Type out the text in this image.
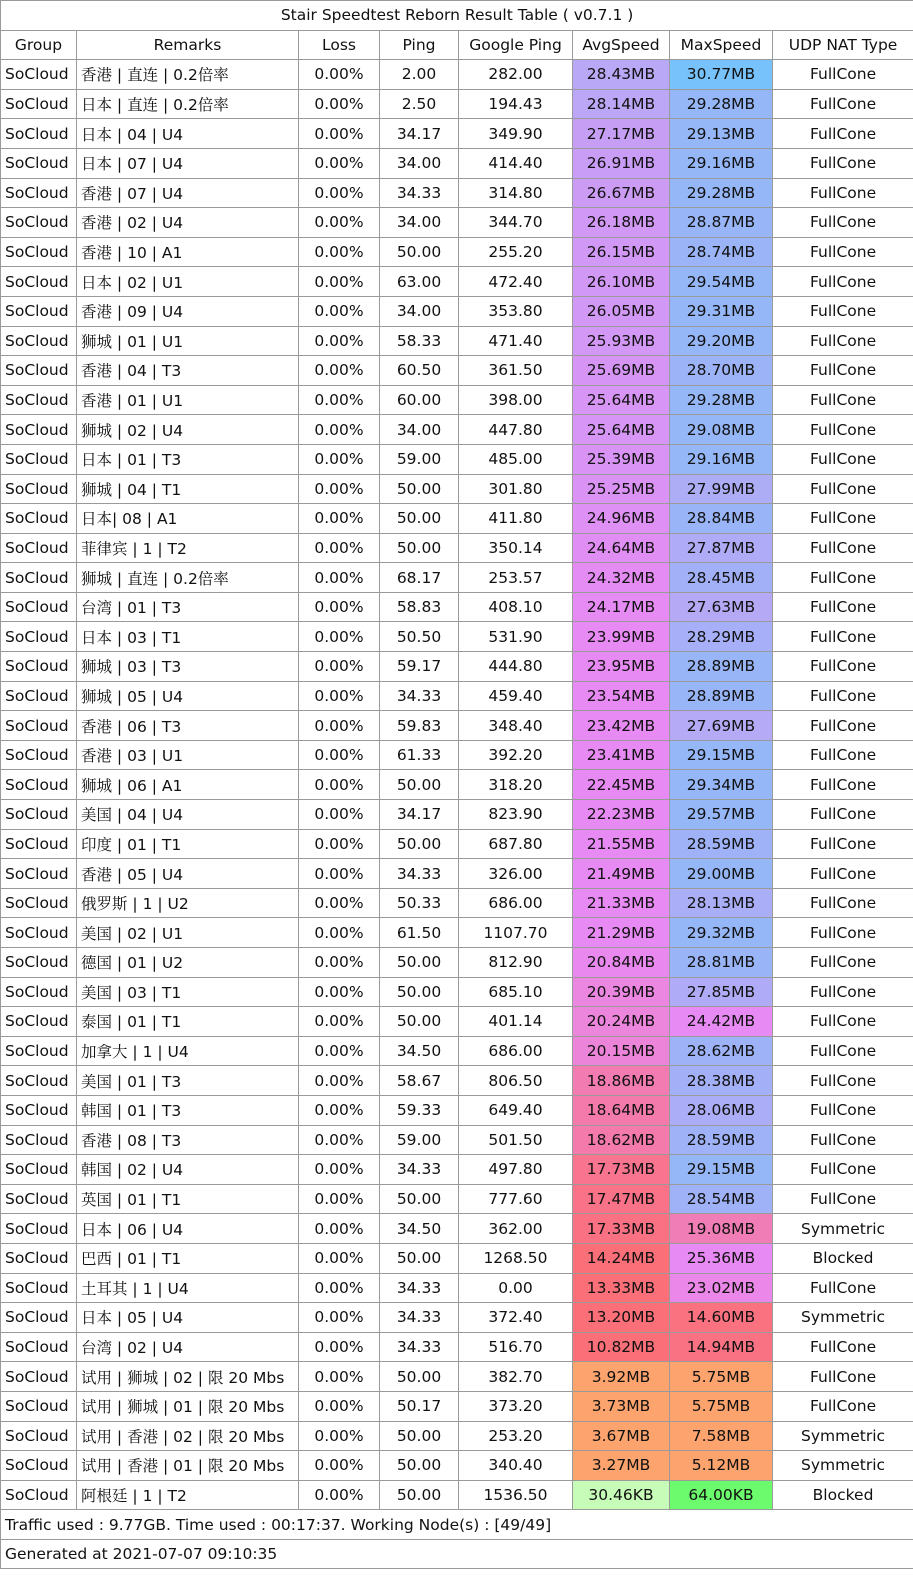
Stair Speedtest Reborn Result Table ( v0.7.1 )							
Group	Remarks	Loss	Ping	Google Ping	AvgSpeed	MaxSpeed	UDP NAT Type
SoCloud	香港 | 直连 | 0.2倍率	0.00%	2.00	282.00	28.43MB	30.77MB	FullCone
SoCloud	日本 | 直连 | 0.2倍率	0.00%	2.50	194.43	28.14MB	29.28MB	FullCone
SoCloud	日本 | 04 | U4	0.00%	34.17	349.90	27.17MB	29.13MB	FullCone
SoCloud	日本 | 07 | U4	0.00%	34.00	414.40	26.91MB	29.16MB	FullCone
SoCloud	香港 | 07 | U4	0.00%	34.33	314.80	26.67MB	29.28MB	FullCone
SoCloud	香港 | 02 | U4	0.00%	34.00	344.70	26.18MB	28.87MB	FullCone
SoCloud	香港 | 10 | A1	0.00%	50.00	255.20	26.15MB	28.74MB	FullCone
SoCloud	日本 | 02 | U1	0.00%	63.00	472.40	26.10MB	29.54MB	FullCone
SoCloud	香港 | 09 | U4	0.00%	34.00	353.80	26.05MB	29.31MB	FullCone
SoCloud	狮城 | 01 | U1	0.00%	58.33	471.40	25.93MB	29.20MB	FullCone
SoCloud	香港 | 04 | T3	0.00%	60.50	361.50	25.69MB	28.70MB	FullCone
SoCloud	香港 | 01 | U1	0.00%	60.00	398.00	25.64MB	29.28MB	FullCone
SoCloud	狮城 | 02 | U4	0.00%	34.00	447.80	25.64MB	29.08MB	FullCone
SoCloud	日本 | 01 | T3	0.00%	59.00	485.00	25.39MB	29.16MB	FullCone
SoCloud	狮城 | 04 | T1	0.00%	50.00	301.80	25.25MB	27.99MB	FullCone
SoCloud	日本| 08 | A1	0.00%	50.00	411.80	24.96MB	28.84MB	FullCone
SoCloud	菲律宾 | 1 | T2	0.00%	50.00	350.14	24.64MB	27.87MB	FullCone
SoCloud	狮城 | 直连 | 0.2倍率	0.00%	68.17	253.57	24.32MB	28.45MB	FullCone
SoCloud	台湾 | 01 | T3	0.00%	58.83	408.10	24.17MB	27.63MB	FullCone
SoCloud	日本 | 03 | T1	0.00%	50.50	531.90	23.99MB	28.29MB	FullCone
SoCloud	狮城 | 03 | T3	0.00%	59.17	444.80	23.95MB	28.89MB	FullCone
SoCloud	狮城 | 05 | U4	0.00%	34.33	459.40	23.54MB	28.89MB	FullCone
SoCloud	香港 | 06 | T3	0.00%	59.83	348.40	23.42MB	27.69MB	FullCone
SoCloud	香港 | 03 | U1	0.00%	61.33	392.20	23.41MB	29.15MB	FullCone
SoCloud	狮城 | 06 | A1	0.00%	50.00	318.20	22.45MB	29.34MB	FullCone
SoCloud	美国 | 04 | U4	0.00%	34.17	823.90	22.23MB	29.57MB	FullCone
SoCloud	印度 | 01 | T1	0.00%	50.00	687.80	21.55MB	28.59MB	FullCone
SoCloud	香港 | 05 | U4	0.00%	34.33	326.00	21.49MB	29.00MB	FullCone
SoCloud	俄罗斯 | 1 | U2	0.00%	50.33	686.00	21.33MB	28.13MB	FullCone
SoCloud	美国 | 02 | U1	0.00%	61.50	1107.70	21.29MB	29.32MB	FullCone
SoCloud	德国 | 01 | U2	0.00%	50.00	812.90	20.84MB	28.81MB	FullCone
SoCloud	美国 | 03 | T1	0.00%	50.00	685.10	20.39MB	27.85MB	FullCone
SoCloud	泰国 | 01 | T1	0.00%	50.00	401.14	20.24MB	24.42MB	FullCone
SoCloud	加拿大 | 1 | U4	0.00%	34.50	686.00	20.15MB	28.62MB	FullCone
SoCloud	美国 | 01 | T3	0.00%	58.67	806.50	18.86MB	28.38MB	FullCone
SoCloud	韩国 | 01 | T3	0.00%	59.33	649.40	18.64MB	28.06MB	FullCone
SoCloud	香港 | 08 | T3	0.00%	59.00	501.50	18.62MB	28.59MB	FullCone
SoCloud	韩国 | 02 | U4	0.00%	34.33	497.80	17.73MB	29.15MB	FullCone
SoCloud	英国 | 01 | T1	0.00%	50.00	777.60	17.47MB	28.54MB	FullCone
SoCloud	日本 | 06 | U4	0.00%	34.50	362.00	17.33MB	19.08MB	Symmetric
SoCloud	巴西 | 01 | T1	0.00%	50.00	1268.50	14.24MB	25.36MB	Blocked
SoCloud	土耳其 | 1 | U4	0.00%	34.33	0.00	13.33MB	23.02MB	FullCone
SoCloud	日本 | 05 | U4	0.00%	34.33	372.40	13.20MB	14.60MB	Symmetric
SoCloud	台湾 | 02 | U4	0.00%	34.33	516.70	10.82MB	14.94MB	FullCone
SoCloud	试用 | 狮城 | 02 | 限 20 Mbs	0.00%	50.00	382.70	3.92MB	5.75MB	FullCone
SoCloud	试用 | 狮城 | 01 | 限 20 Mbs	0.00%	50.17	373.20	3.73MB	5.75MB	FullCone
SoCloud	试用 | 香港 | 02 | 限 20 Mbs	0.00%	50.00	253.20	3.67MB	7.58MB	Symmetric
SoCloud	试用 | 香港 | 01 | 限 20 Mbs	0.00%	50.00	340.40	3.27MB	5.12MB	Symmetric
SoCloud	阿根廷 | 1 | T2	0.00%	50.00	1536.50	30.46KB	64.00KB	Blocked
Traffic used : 9.77GB. Time used : 00:17:37. Working Node(s) : [49/49]							
Generated at 2021-07-07 09:10:35							
